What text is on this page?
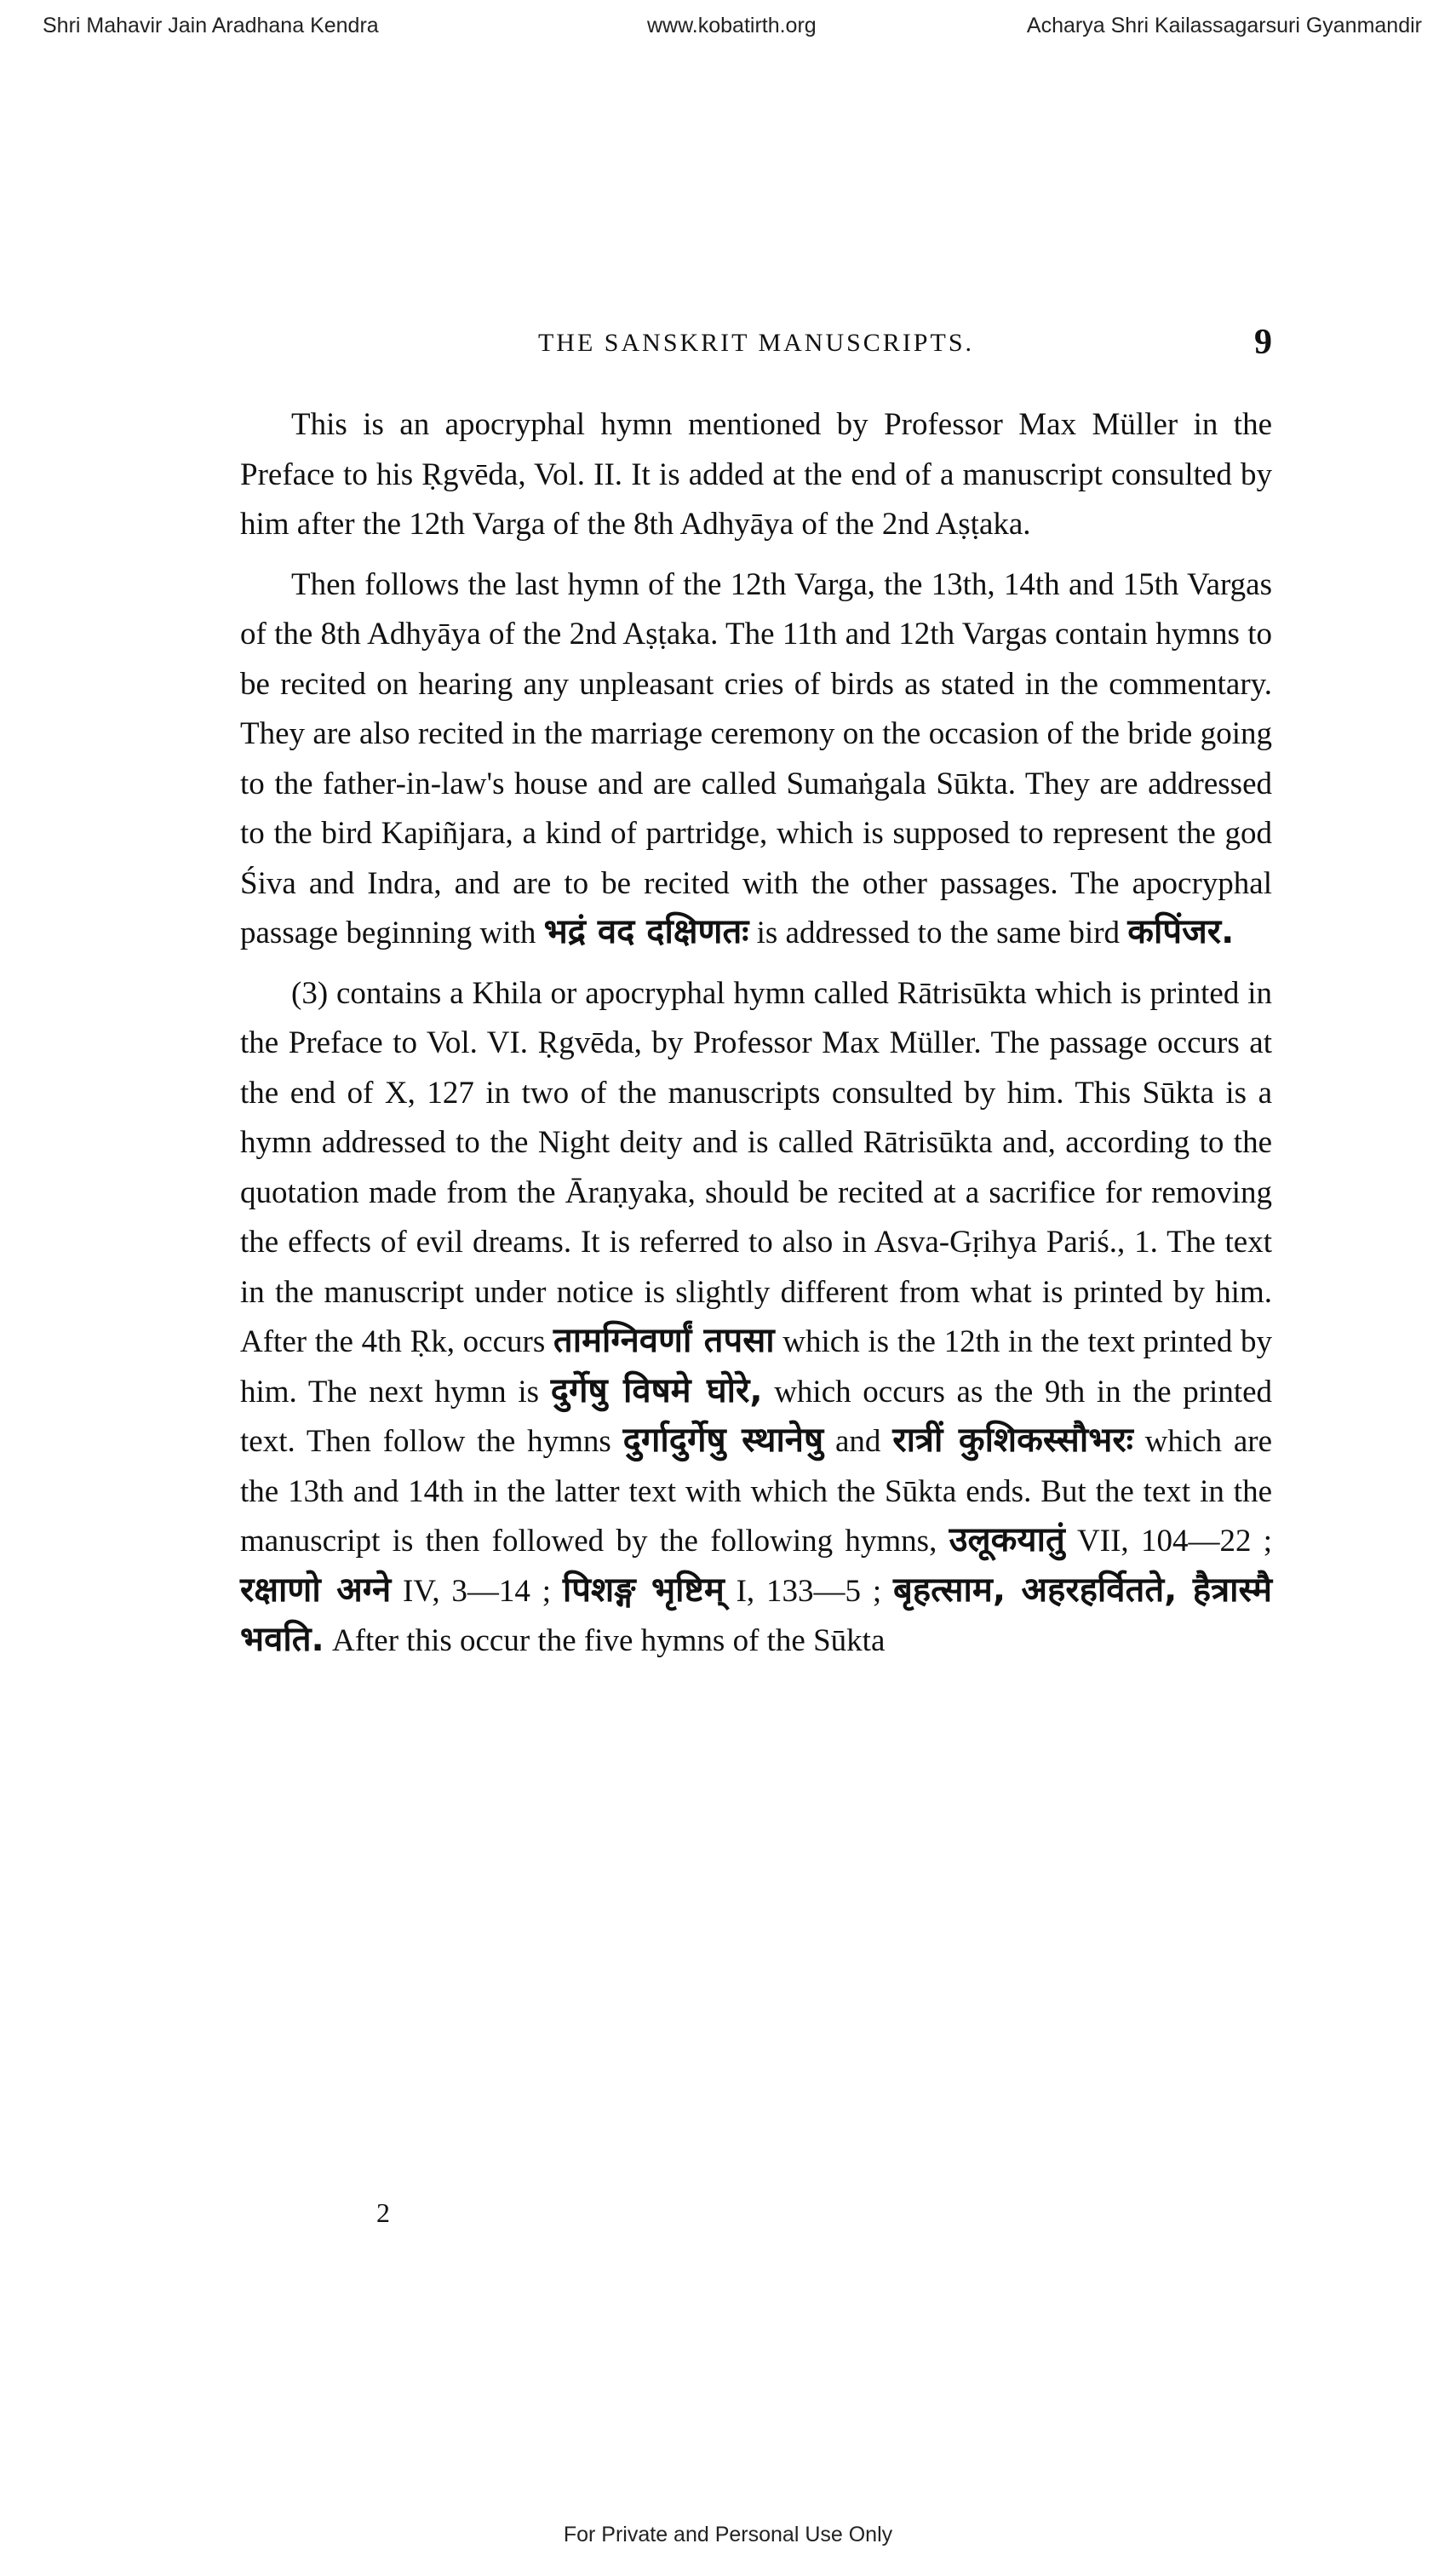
Shri Mahavir Jain Aradhana Kendra	www.kobatirth.org	Acharya Shri Kailassagarsuri Gyanmandir
THE SANSKRIT MANUSCRIPTS.	9

This is an apocryphal hymn mentioned by Professor Max Müller in the Preface to his Ṛgvēda, Vol. II. It is added at the end of a manuscript consulted by him after the 12th Varga of the 8th Adhyāya of the 2nd Aṣṭaka.

Then follows the last hymn of the 12th Varga, the 13th, 14th and 15th Vargas of the 8th Adhyāya of the 2nd Aṣṭaka. The 11th and 12th Vargas contain hymns to be recited on hearing any unpleasant cries of birds as stated in the commentary. They are also recited in the marriage ceremony on the occasion of the bride going to the father-in-law's house and are called Sumaṅgala Sūkta. They are addressed to the bird Kapiñjara, a kind of partridge, which is supposed to represent the god Śiva and Indra, and are to be recited with the other passages. The apocryphal passage beginning with भद्रं वद दक्षिणतः is addressed to the same bird कपिंजर.

(3) contains a Khila or apocryphal hymn called Rātrisūkta which is printed in the Preface to Vol. VI. Ṛgvēda, by Professor Max Müller. The passage occurs at the end of X, 127 in two of the manuscripts consulted by him. This Sūkta is a hymn addressed to the Night deity and is called Rātrisūkta and, according to the quotation made from the Āraṇyaka, should be recited at a sacrifice for removing the effects of evil dreams. It is referred to also in Asva-Gṛihya Pariś., 1. The text in the manuscript under notice is slightly different from what is printed by him. After the 4th Ṛk, occurs तामग्निवर्णां तपसा which is the 12th in the text printed by him. The next hymn is दुर्गेषु विषमे घोरे, which occurs as the 9th in the printed text. Then follow the hymns दुर्गादुर्गेषु स्थानेषु and रात्रीं कुशिकस्सौभरः which are the 13th and 14th in the latter text with which the Sūkta ends. But the text in the manuscript is then followed by the following hymns, उलूकयातुं VII, 104—22 ; रक्षाणो अग्ने IV, 3—14 ; पिशङ्ग भृष्टिम् I, 133—5 ; बृहत्साम, अहरहर्वितते, हैत्रास्मै भवति. After this occur the five hymns of the Sūkta

2
For Private and Personal Use Only
